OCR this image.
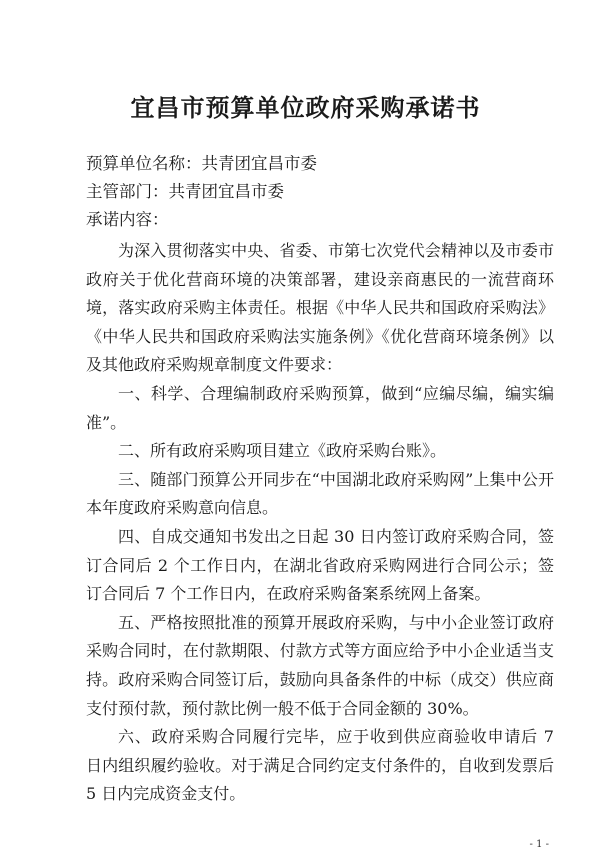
宜昌市预算单位政府采购承诺书
预算单位名称：共青团宜昌市委
主管部门：共青团宜昌市委
承诺内容：

为深入贯彻落实中央、省委、市第七次党代会精神以及市委市政府关于优化营商环境的决策部署，建设亲商惠民的一流营商环境，落实政府采购主体责任。根据《中华人民共和国政府采购法》《中华人民共和国政府采购法实施条例》《优化营商环境条例》以及其他政府采购规章制度文件要求：

一、科学、合理编制政府采购预算，做到“应编尽编，编实编准”。

二、所有政府采购项目建立《政府采购台账》。

三、随部门预算公开同步在“中国湖北政府采购网”上集中公开本年度政府采购意向信息。

四、自成交通知书发出之日起 30 日内签订政府采购合同，签订合同后 2 个工作日内，在湖北省政府采购网进行合同公示；签订合同后 7 个工作日内，在政府采购备案系统网上备案。

五、严格按照批准的预算开展政府采购，与中小企业签订政府采购合同时，在付款期限、付款方式等方面应给予中小企业适当支持。政府采购合同签订后，鼓励向具备条件的中标（成交）供应商支付预付款，预付款比例一般不低于合同金额的 30%。

六、政府采购合同履行完毕，应于收到供应商验收申请后 7 日内组织履约验收。对于满足合同约定支付条件的，自收到发票后 5 日内完成资金支付。

- 1 -
